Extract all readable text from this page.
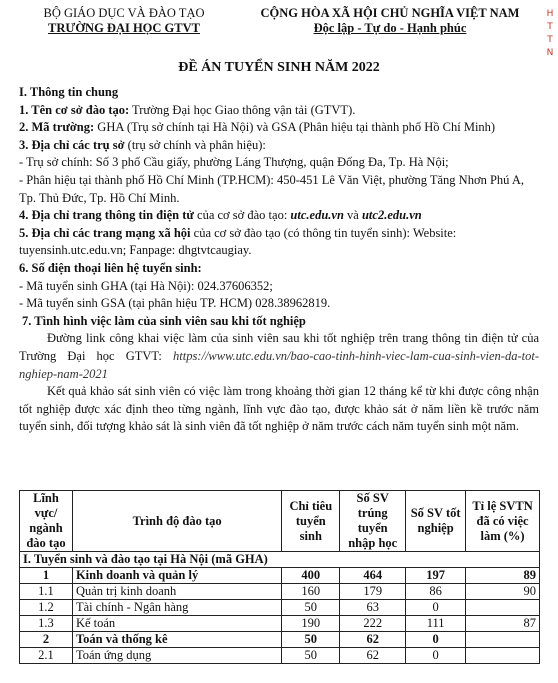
BỘ GIÁO DỤC VÀ ĐÀO TẠO
TRƯỜNG ĐẠI HỌC GTVT
CỘNG HÒA XÃ HỘI CHỦ NGHĨA VIỆT NAM
Độc lập - Tự do - Hạnh phúc
H
T
T
N
ĐỀ ÁN TUYỂN SINH NĂM 2022

I. Thông tin chung

1. Tên cơ sở đào tạo: Trường Đại học Giao thông vận tải (GTVT).

2. Mã trường: GHA (Trụ sở chính tại Hà Nội) và GSA (Phân hiệu tại thành phố Hồ Chí Minh)

3. Địa chỉ các trụ sở (trụ sở chính và phân hiệu):

- Trụ sở chính: Số 3 phố Cầu giấy, phường Láng Thượng, quận Đống Đa, Tp. Hà Nội;

- Phân hiệu tại thành phố Hồ Chí Minh (TP.HCM): 450-451 Lê Văn Việt, phường Tăng Nhơn Phú A, Tp. Thủ Đức, Tp. Hồ Chí Minh.

4. Địa chỉ trang thông tin điện tử của cơ sở đào tạo: utc.edu.vn và utc2.edu.vn

5. Địa chỉ các trang mạng xã hội của cơ sở đào tạo (có thông tin tuyển sinh): Website: tuyensinh.utc.edu.vn; Fanpage: dhgtvtcaugiay.

6. Số điện thoại liên hệ tuyển sinh:

- Mã tuyển sinh GHA (tại Hà Nội): 024.37606352;

- Mã tuyển sinh GSA (tại phân hiệu TP. HCM) 028.38962819.

7. Tình hình việc làm của sinh viên sau khi tốt nghiệp

Đường link công khai việc làm của sinh viên sau khi tốt nghiệp trên trang thông tin điện tử của Trường Đại học GTVT: https://www.utc.edu.vn/bao-cao-tinh-hinh-viec-lam-cua-sinh-vien-da-tot-nghiep-nam-2021

Kết quả khảo sát sinh viên có việc làm trong khoảng thời gian 12 tháng kể từ khi được công nhận tốt nghiệp được xác định theo từng ngành, lĩnh vực đào tạo, được khảo sát ở năm liền kề trước năm tuyển sinh, đối tượng khảo sát là sinh viên đã tốt nghiệp ở năm trước cách năm tuyển sinh một năm.

Lĩnh vực/ ngành đào tạo	Trình độ đào tạo	Chỉ tiêu tuyển sinh	Số SV trúng tuyển nhập học	Số SV tốt nghiệp	Tỉ lệ SVTN đã có việc làm (%)
I. Tuyển sinh và đào tạo tại Hà Nội (mã GHA)					
1	Kinh doanh và quản lý	400	464	197	89
1.1	Quản trị kinh doanh	160	179	86	90
1.2	Tài chính - Ngân hàng	50	63	0	
1.3	Kế toán	190	222	111	87
2	Toán và thống kê	50	62	0	
2.1	Toán ứng dụng	50	62	0	
